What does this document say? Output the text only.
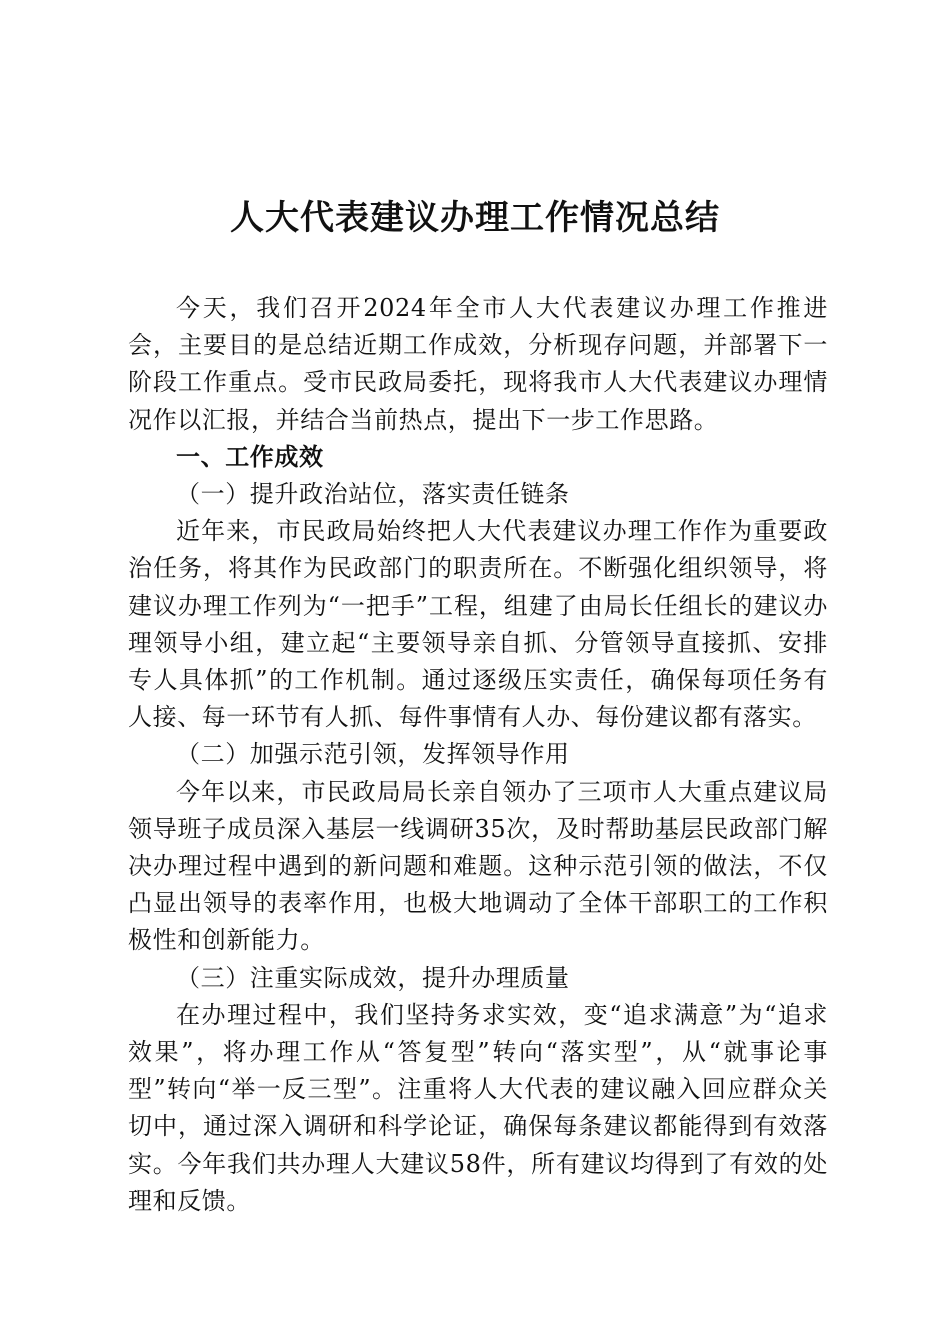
人大代表建议办理工作情况总结

今天，我们召开2024年全市人大代表建议办理工作推进会，主要目的是总结近期工作成效，分析现存问题，并部署下一阶段工作重点。受市民政局委托，现将我市人大代表建议办理情况作以汇报，并结合当前热点，提出下一步工作思路。

一、工作成效

（一）提升政治站位，落实责任链条

近年来，市民政局始终把人大代表建议办理工作作为重要政治任务，将其作为民政部门的职责所在。不断强化组织领导，将建议办理工作列为“一把手”工程，组建了由局长任组长的建议办理领导小组，建立起“主要领导亲自抓、分管领导直接抓、安排专人具体抓”的工作机制。通过逐级压实责任，确保每项任务有人接、每一环节有人抓、每件事情有人办、每份建议都有落实。

（二）加强示范引领，发挥领导作用

今年以来，市民政局局长亲自领办了三项市人大重点建议局领导班子成员深入基层一线调研35次，及时帮助基层民政部门解决办理过程中遇到的新问题和难题。这种示范引领的做法，不仅凸显出领导的表率作用，也极大地调动了全体干部职工的工作积极性和创新能力。

（三）注重实际成效，提升办理质量

在办理过程中，我们坚持务求实效，变“追求满意”为“追求效果”，将办理工作从“答复型”转向“落实型”，从“就事论事型”转向“举一反三型”。注重将人大代表的建议融入回应群众关切中，通过深入调研和科学论证，确保每条建议都能得到有效落实。今年我们共办理人大建议58件，所有建议均得到了有效的处理和反馈。
